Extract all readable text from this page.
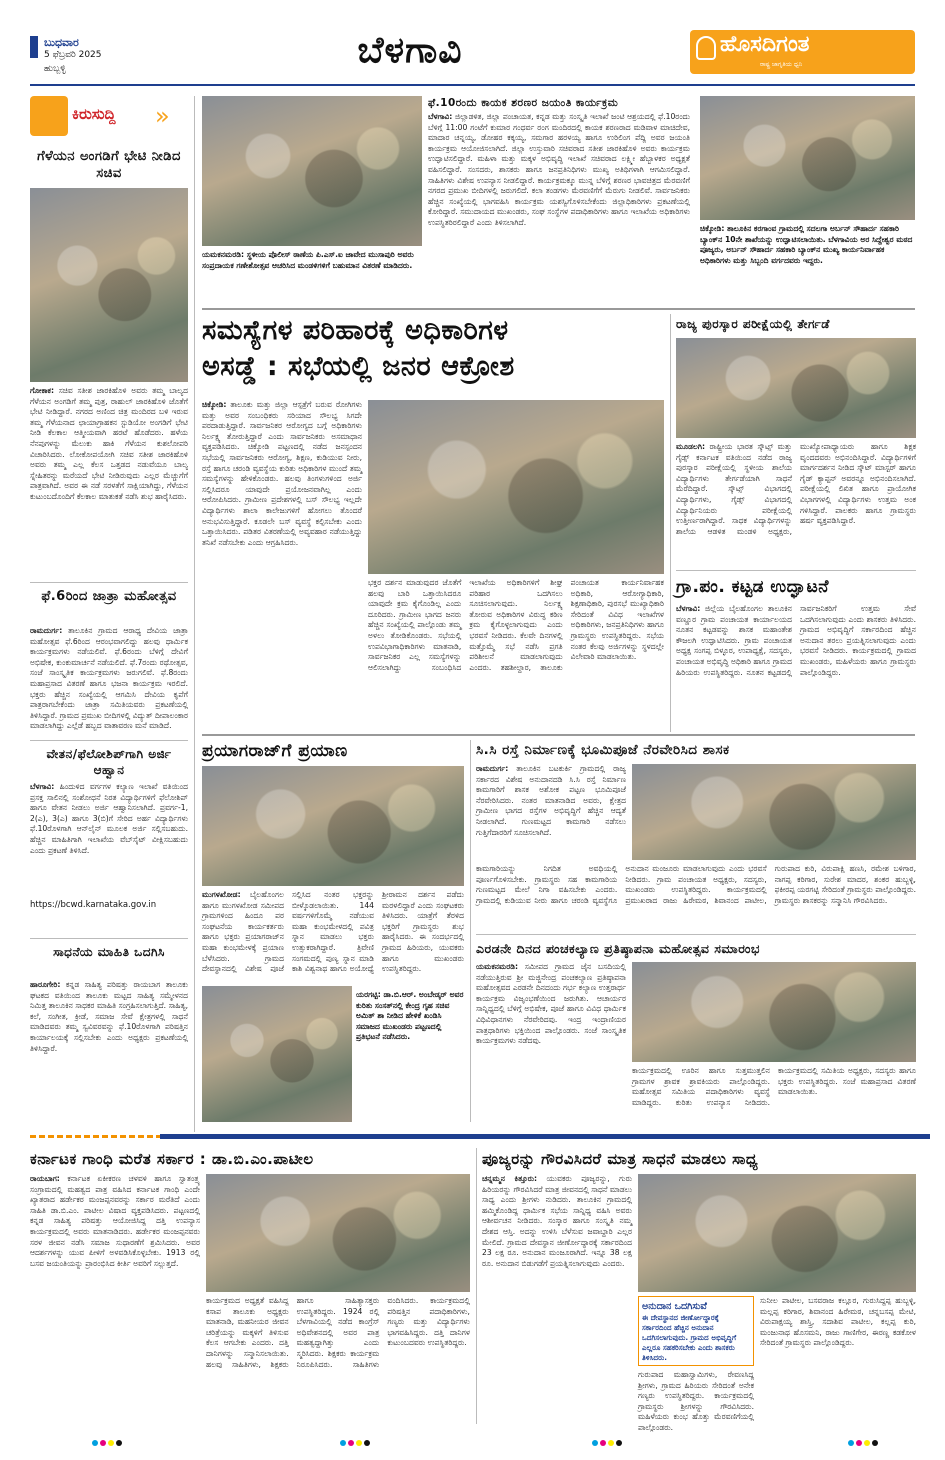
ಬುಧವಾರ
5 ಫೆಬ್ರವರಿ 2025
ಹುಬ್ಬಳ್ಳಿ	ಬೆಳಗಾವಿ	ಹೊಸದಿಗಂತ
ರಾಷ್ಟ್ರ ಜಾಗೃತಿಯ ಧ್ವನಿ
ಕಿರುಸುದ್ದಿ »
ಗೆಳೆಯನ ಅಂಗಡಿಗೆ ಭೇಟಿ ನೀಡಿದ ಸಚಿವ
ಗೋಕಾಕ: ಸಚಿವ ಸತೀಶ ಜಾರಕಿಹೊಳಿ ಅವರು ತಮ್ಮ ಬಾಲ್ಯದ ಗೆಳೆಯನ ಅಂಗಡಿಗೆ ತಮ್ಮ ಪುತ್ರ, ರಾಹುಲ್ ಜಾರಕಿಹೊಳಿ ಜೊತೆಗೆ ಭೇಟಿ ನೀಡಿದ್ದಾರೆ. ನಗರದ ಅಣಿಂದ ಚಿತ್ರ ಮಂದಿರದ ಬಳಿ ಇರುವ ತಮ್ಮ ಗೆಳೆಯನಾದ ಛಾಯಾಗ್ರಾಹಕನ ಸ್ಟುಡಿಯೋ ಅಂಗಡಿಗೆ ಭೇಟಿ ನೀಡಿ ಕೆಲಕಾಲ ಆತ್ಮೀಯವಾಗಿ ಹರಟೆ ಹೊಡೆದರು. ಹಳೆಯ ನೆನಪುಗಳನ್ನು ಮೆಲುಕು ಹಾಕಿ ಗೆಳೆಯನ ಕುಶಲೋಪರಿ ವಿಚಾರಿಸಿದರು. ಲೋಕೋಪಯೋಗಿ ಸಚಿವ ಸತೀಶ ಜಾರಕಿಹೊಳಿ ಅವರು ತಮ್ಮ ಎಲ್ಲ ಕೆಲಸ ಒತ್ತಡದ ನಡುವೆಯೂ ಬಾಲ್ಯ ಸ್ನೇಹಿತರನ್ನು ಮರೆಯದೆ ಭೇಟಿ ನೀಡಿರುವುದು ಎಲ್ಲರ ಮೆಚ್ಚುಗೆಗೆ ಪಾತ್ರವಾಗಿದೆ. ಅವರ ಈ ನಡೆ ಸರಳತೆಗೆ ಸಾಕ್ಷಿಯಾಗಿದ್ದು, ಗೆಳೆಯನ ಕುಟುಂಬದೊಂದಿಗೆ ಕೆಲಕಾಲ ಮಾತುಕತೆ ನಡೆಸಿ ಶುಭ ಹಾರೈಸಿದರು.
ಫೆ.6ರಿಂದ ಜಾತ್ರಾ ಮಹೋತ್ಸವ
ರಾಮದುರ್ಗ: ತಾಲೂಕಿನ ಗ್ರಾಮದ ಆರಾಧ್ಯ ದೇವಿಯ ಜಾತ್ರಾ ಮಹೋತ್ಸವ ಫೆ.6ರಿಂದ ಆರಂಭವಾಗಲಿದ್ದು ಹಲವು ಧಾರ್ಮಿಕ ಕಾರ್ಯಕ್ರಮಗಳು ನಡೆಯಲಿವೆ. ಫೆ.6ರಂದು ಬೆಳಿಗ್ಗೆ ದೇವಿಗೆ ಅಭಿಷೇಕ, ಕುಂಕುಮಾರ್ಚನೆ ನಡೆಯಲಿದೆ. ಫೆ.7ರಂದು ರಥೋತ್ಸವ, ಸಂಜೆ ಸಾಂಸ್ಕೃತಿಕ ಕಾರ್ಯಕ್ರಮಗಳು ಜರುಗಲಿವೆ. ಫೆ.8ರಂದು ಮಹಾಪ್ರಸಾದ ವಿತರಣೆ ಹಾಗೂ ಭಜನಾ ಕಾರ್ಯಕ್ರಮ ಇರಲಿದೆ. ಭಕ್ತರು ಹೆಚ್ಚಿನ ಸಂಖ್ಯೆಯಲ್ಲಿ ಆಗಮಿಸಿ ದೇವಿಯ ಕೃಪೆಗೆ ಪಾತ್ರರಾಗಬೇಕೆಂದು ಜಾತ್ರಾ ಸಮಿತಿಯವರು ಪ್ರಕಟಣೆಯಲ್ಲಿ ತಿಳಿಸಿದ್ದಾರೆ. ಗ್ರಾಮದ ಪ್ರಮುಖ ಬೀದಿಗಳಲ್ಲಿ ವಿದ್ಯುತ್ ದೀಪಾಲಂಕಾರ ಮಾಡಲಾಗಿದ್ದು ಎಲ್ಲೆಡೆ ಹಬ್ಬದ ವಾತಾವರಣ ಮನೆ ಮಾಡಿದೆ.
ವೇತನ/ಫೆಲೋಶಿಪ್‌ಗಾಗಿ ಅರ್ಜಿ ಆಹ್ವಾನ
ಬೆಳಗಾವಿ: ಹಿಂದುಳಿದ ವರ್ಗಗಳ ಕಲ್ಯಾಣ ಇಲಾಖೆ ವತಿಯಿಂದ ಪ್ರಸಕ್ತ ಸಾಲಿನಲ್ಲಿ ಸಂಶೋಧನೆ ನಿರತ ವಿದ್ಯಾರ್ಥಿಗಳಿಗೆ ಫೆಲೋಶಿಪ್ ಹಾಗೂ ವೇತನ ನೀಡಲು ಅರ್ಜಿ ಆಹ್ವಾನಿಸಲಾಗಿದೆ. ಪ್ರವರ್ಗ-1, 2(ಎ), 3(ಎ) ಹಾಗೂ 3(ಬಿ)ಗೆ ಸೇರಿದ ಅರ್ಹ ವಿದ್ಯಾರ್ಥಿಗಳು ಫೆ.10ರೊಳಗಾಗಿ ಆನ್‌ಲೈನ್ ಮೂಲಕ ಅರ್ಜಿ ಸಲ್ಲಿಸಬಹುದು. ಹೆಚ್ಚಿನ ಮಾಹಿತಿಗಾಗಿ ಇಲಾಖೆಯ ವೆಬ್‌ಸೈಟ್ ವೀಕ್ಷಿಸಬಹುದು ಎಂದು ಪ್ರಕಟಣೆ ತಿಳಿಸಿದೆ.
https://bcwd.karnataka.gov.in
ಸಾಧನೆಯ ಮಾಹಿತಿ ಒದಗಿಸಿ
ಹಾರೂಗೇರಿ: ಕನ್ನಡ ಸಾಹಿತ್ಯ ಪರಿಷತ್ತು ರಾಯಬಾಗ ತಾಲೂಕು ಘಟಕದ ವತಿಯಿಂದ ತಾಲೂಕು ಮಟ್ಟದ ಸಾಹಿತ್ಯ ಸಮ್ಮೇಳನದ ನಿಮಿತ್ತ ತಾಲೂಕಿನ ಸಾಧಕರ ಮಾಹಿತಿ ಸಂಗ್ರಹಿಸಲಾಗುತ್ತಿದೆ. ಸಾಹಿತ್ಯ, ಕಲೆ, ಸಂಗೀತ, ಕ್ರೀಡೆ, ಸಮಾಜ ಸೇವೆ ಕ್ಷೇತ್ರಗಳಲ್ಲಿ ಸಾಧನೆ ಮಾಡಿದವರು ತಮ್ಮ ಸ್ವವಿವರವನ್ನು ಫೆ.10ರೊಳಗಾಗಿ ಪರಿಷತ್ತಿನ ಕಾರ್ಯಾಲಯಕ್ಕೆ ಸಲ್ಲಿಸಬೇಕು ಎಂದು ಅಧ್ಯಕ್ಷರು ಪ್ರಕಟಣೆಯಲ್ಲಿ ತಿಳಿಸಿದ್ದಾರೆ.
ಯಮಕನಮರಡಿ: ಸ್ಥಳೀಯ ಪೊಲೀಸ್ ಠಾಣೆಯ ಪಿ.ಎಸ್.ಐ ಜಾವೇದ ಮುಸಾಪುರಿ ಅವರು ಸಂಪ್ರದಾಯಕ ಗಣೇಶೋತ್ಸವ ಆಚರಿಸಿದ ಮಂಡಳಿಗಳಿಗೆ ಬಹುಮಾನ ವಿತರಣೆ ಮಾಡಿದರು.
ಫೆ.10ರಂದು ಕಾಯಕ ಶರಣರ ಜಯಂತಿ ಕಾರ್ಯಕ್ರಮ
ಬೆಳಗಾವಿ: ಜಿಲ್ಲಾಡಳಿತ, ಜಿಲ್ಲಾ ಪಂಚಾಯತ, ಕನ್ನಡ ಮತ್ತು ಸಂಸ್ಕೃತಿ ಇಲಾಖೆ ಜಂಟಿ ಆಶ್ರಯದಲ್ಲಿ ಫೆ.10ರಂದು ಬೆಳಿಗ್ಗೆ 11:00 ಗಂಟೆಗೆ ಕುಮಾರ ಗಂಧರ್ವ ರಂಗ ಮಂದಿರದಲ್ಲಿ ಕಾಯಕ ಶರಣರಾದ ಮಡಿವಾಳ ಮಾಚಿದೇವ, ಮಾದಾರ ಚನ್ನಯ್ಯ, ಡೋಹರ ಕಕ್ಕಯ್ಯ, ಸಮಗಾರ ಹರಳಯ್ಯ ಹಾಗೂ ಉರಿಲಿಂಗ ಪೆದ್ದಿ ಅವರ ಜಯಂತಿ ಕಾರ್ಯಕ್ರಮ ಆಯೋಜಿಸಲಾಗಿದೆ. ಜಿಲ್ಲಾ ಉಸ್ತುವಾರಿ ಸಚಿವರಾದ ಸತೀಶ ಜಾರಕಿಹೊಳಿ ಅವರು ಕಾರ್ಯಕ್ರಮ ಉದ್ಘಾಟಿಸಲಿದ್ದಾರೆ. ಮಹಿಳಾ ಮತ್ತು ಮಕ್ಕಳ ಅಭಿವೃದ್ಧಿ ಇಲಾಖೆ ಸಚಿವರಾದ ಲಕ್ಷ್ಮೀ ಹೆಬ್ಬಾಳಕರ ಅಧ್ಯಕ್ಷತೆ ವಹಿಸಲಿದ್ದಾರೆ. ಸಂಸದರು, ಶಾಸಕರು ಹಾಗೂ ಜನಪ್ರತಿನಿಧಿಗಳು ಮುಖ್ಯ ಅತಿಥಿಗಳಾಗಿ ಆಗಮಿಸಲಿದ್ದಾರೆ. ಸಾಹಿತಿಗಳು ವಿಶೇಷ ಉಪನ್ಯಾಸ ನೀಡಲಿದ್ದಾರೆ. ಕಾರ್ಯಕ್ರಮಕ್ಕೂ ಮುನ್ನ ಬೆಳಿಗ್ಗೆ ಶರಣರ ಭಾವಚಿತ್ರದ ಮೆರವಣಿಗೆ ನಗರದ ಪ್ರಮುಖ ಬೀದಿಗಳಲ್ಲಿ ಜರುಗಲಿದೆ. ಕಲಾ ತಂಡಗಳು ಮೆರವಣಿಗೆಗೆ ಮೆರುಗು ನೀಡಲಿವೆ. ಸಾರ್ವಜನಿಕರು ಹೆಚ್ಚಿನ ಸಂಖ್ಯೆಯಲ್ಲಿ ಭಾಗವಹಿಸಿ ಕಾರ್ಯಕ್ರಮ ಯಶಸ್ವಿಗೊಳಿಸಬೇಕೆಂದು ಜಿಲ್ಲಾಧಿಕಾರಿಗಳು ಪ್ರಕಟಣೆಯಲ್ಲಿ ಕೋರಿದ್ದಾರೆ. ಸಮುದಾಯದ ಮುಖಂಡರು, ಸಂಘ ಸಂಸ್ಥೆಗಳ ಪದಾಧಿಕಾರಿಗಳು ಹಾಗೂ ಇಲಾಖೆಯ ಅಧಿಕಾರಿಗಳು ಉಪಸ್ಥಿತರಿರಲಿದ್ದಾರೆ ಎಂದು ತಿಳಿಸಲಾಗಿದೆ.
ಚಿಕ್ಕೋಡಿ: ತಾಲೂಕಿನ ಕರಗಾಂವ ಗ್ರಾಮದಲ್ಲಿ ಸದಲಗಾ ಅರ್ಬನ್ ಸೌಹಾರ್ದ ಸಹಕಾರಿ ಬ್ಯಾಂಕ್‌ನ 10ನೇ ಶಾಖೆಯನ್ನು ಉದ್ಘಾಟಿಸಲಾಯಿತು. ಬೆಳಗಾವಿಯ ಅರ ಸಿದ್ದೇಶ್ವರ ಮಠದ ಪೂಜ್ಯರು, ಅರ್ಬನ್ ಸೌಹಾರ್ದ ಸಹಕಾರಿ ಬ್ಯಾಂಕ್‌ನ ಮುಖ್ಯ ಕಾರ್ಯನಿರ್ವಾಹಕ ಅಧಿಕಾರಿಗಳು ಮತ್ತು ಸಿಬ್ಬಂದಿ ವರ್ಗದವರು ಇದ್ದರು.
ಸಮಸ್ಯೆಗಳ ಪರಿಹಾರಕ್ಕೆ ಅಧಿಕಾರಿಗಳ
ಅಸಡ್ಡೆ : ಸಭೆಯಲ್ಲಿ ಜನರ ಆಕ್ರೋಶ
ಚಿಕ್ಕೋಡಿ: ತಾಲೂಕು ಮತ್ತು ಜಿಲ್ಲಾ ಆಸ್ಪತ್ರೆಗೆ ಬರುವ ರೋಗಿಗಳು ಮತ್ತು ಅವರ ಸಂಬಂಧಿಕರು ಸರಿಯಾದ ಸೌಲಭ್ಯ ಸಿಗದೇ ಪರದಾಡುತ್ತಿದ್ದಾರೆ. ಸಾರ್ವಜನಿಕರ ಆರೋಗ್ಯದ ಬಗ್ಗೆ ಅಧಿಕಾರಿಗಳು ನಿರ್ಲಕ್ಷ್ಯ ತೋರುತ್ತಿದ್ದಾರೆ ಎಂದು ಸಾರ್ವಜನಿಕರು ಅಸಮಾಧಾನ ವ್ಯಕ್ತಪಡಿಸಿದರು. ಚಿಕ್ಕೋಡಿ ಪಟ್ಟಣದಲ್ಲಿ ನಡೆದ ಜನಸ್ಪಂದನ ಸಭೆಯಲ್ಲಿ ಸಾರ್ವಜನಿಕರು ಆರೋಗ್ಯ, ಶಿಕ್ಷಣ, ಕುಡಿಯುವ ನೀರು, ರಸ್ತೆ ಹಾಗೂ ಚರಂಡಿ ವ್ಯವಸ್ಥೆಯ ಕುರಿತು ಅಧಿಕಾರಿಗಳ ಮುಂದೆ ತಮ್ಮ ಸಮಸ್ಯೆಗಳನ್ನು ಹೇಳಿಕೊಂಡರು. ಹಲವು ತಿಂಗಳುಗಳಿಂದ ಅರ್ಜಿ ಸಲ್ಲಿಸಿದರೂ ಯಾವುದೇ ಪ್ರಯೋಜನವಾಗಿಲ್ಲ ಎಂದು ಆರೋಪಿಸಿದರು. ಗ್ರಾಮೀಣ ಪ್ರದೇಶಗಳಲ್ಲಿ ಬಸ್ ಸೌಲಭ್ಯ ಇಲ್ಲದೇ ವಿದ್ಯಾರ್ಥಿಗಳು ಶಾಲಾ ಕಾಲೇಜುಗಳಿಗೆ ಹೋಗಲು ತೊಂದರೆ ಅನುಭವಿಸುತ್ತಿದ್ದಾರೆ. ಕೂಡಲೇ ಬಸ್ ವ್ಯವಸ್ಥೆ ಕಲ್ಪಿಸಬೇಕು ಎಂದು ಒತ್ತಾಯಿಸಿದರು. ಪಡಿತರ ವಿತರಣೆಯಲ್ಲಿ ಅವ್ಯವಹಾರ ನಡೆಯುತ್ತಿದ್ದು ತನಿಖೆ ನಡೆಸಬೇಕು ಎಂದು ಆಗ್ರಹಿಸಿದರು.
ಭಕ್ತರ ದರ್ಶನ ಮಾಡುವುದರ ಜೊತೆಗೆ ಹಲವು ಬಾರಿ ಒತ್ತಾಯಿಸಿದರೂ ಯಾವುದೇ ಕ್ರಮ ಕೈಗೊಂಡಿಲ್ಲ ಎಂದು ದೂರಿದರು. ಗ್ರಾಮೀಣ ಭಾಗದ ಜನರು ಹೆಚ್ಚಿನ ಸಂಖ್ಯೆಯಲ್ಲಿ ಪಾಲ್ಗೊಂಡು ತಮ್ಮ ಅಳಲು ತೋಡಿಕೊಂಡರು. ಸಭೆಯಲ್ಲಿ ಉಪವಿಭಾಗಾಧಿಕಾರಿಗಳು ಮಾತನಾಡಿ, ಸಾರ್ವಜನಿಕರ ಎಲ್ಲ ಸಮಸ್ಯೆಗಳನ್ನು ಆಲಿಸಲಾಗಿದ್ದು ಸಂಬಂಧಿಸಿದ ಇಲಾಖೆಯ ಅಧಿಕಾರಿಗಳಿಗೆ ಶೀಘ್ರ ಪರಿಹಾರ ಒದಗಿಸಲು ಸೂಚಿಸಲಾಗುವುದು. ನಿರ್ಲಕ್ಷ್ಯ ತೋರುವ ಅಧಿಕಾರಿಗಳ ವಿರುದ್ಧ ಕಠಿಣ ಕ್ರಮ ಕೈಗೊಳ್ಳಲಾಗುವುದು ಎಂದು ಭರವಸೆ ನೀಡಿದರು. ಕೆಲವೇ ದಿನಗಳಲ್ಲಿ ಮತ್ತೊಮ್ಮೆ ಸಭೆ ನಡೆಸಿ ಪ್ರಗತಿ ಪರಿಶೀಲನೆ ಮಾಡಲಾಗುವುದು ಎಂದರು. ತಹಶೀಲ್ದಾರ, ತಾಲೂಕು ಪಂಚಾಯತ ಕಾರ್ಯನಿರ್ವಾಹಕ ಅಧಿಕಾರಿ, ಆರೋಗ್ಯಾಧಿಕಾರಿ, ಶಿಕ್ಷಣಾಧಿಕಾರಿ, ಪುರಸಭೆ ಮುಖ್ಯಾಧಿಕಾರಿ ಸೇರಿದಂತೆ ವಿವಿಧ ಇಲಾಖೆಗಳ ಅಧಿಕಾರಿಗಳು, ಜನಪ್ರತಿನಿಧಿಗಳು ಹಾಗೂ ಗ್ರಾಮಸ್ಥರು ಉಪಸ್ಥಿತರಿದ್ದರು. ಸಭೆಯ ನಂತರ ಕೆಲವು ಅರ್ಜಿಗಳನ್ನು ಸ್ಥಳದಲ್ಲೇ ವಿಲೇವಾರಿ ಮಾಡಲಾಯಿತು.
ರಾಜ್ಯ ಪುರಸ್ಕಾರ ಪರೀಕ್ಷೆಯಲ್ಲಿ ತೇರ್ಗಡೆ
ಮೂಡಲಗಿ: ರಾಷ್ಟ್ರೀಯ ಭಾರತ ಸ್ಕೌಟ್ಸ್ ಮತ್ತು ಗೈಡ್ಸ್ ಕರ್ನಾಟಕ ವತಿಯಿಂದ ನಡೆದ ರಾಜ್ಯ ಪುರಸ್ಕಾರ ಪರೀಕ್ಷೆಯಲ್ಲಿ ಸ್ಥಳೀಯ ಶಾಲೆಯ ವಿದ್ಯಾರ್ಥಿಗಳು ತೇರ್ಗಡೆಯಾಗಿ ಸಾಧನೆ ಮೆರೆದಿದ್ದಾರೆ. ಸ್ಕೌಟ್ಸ್ ವಿಭಾಗದಲ್ಲಿ ವಿದ್ಯಾರ್ಥಿಗಳು, ಗೈಡ್ಸ್ ವಿಭಾಗದಲ್ಲಿ ವಿದ್ಯಾರ್ಥಿನಿಯರು ಪರೀಕ್ಷೆಯಲ್ಲಿ ಉತ್ತೀರ್ಣರಾಗಿದ್ದಾರೆ. ಸಾಧಕ ವಿದ್ಯಾರ್ಥಿಗಳನ್ನು ಶಾಲೆಯ ಆಡಳಿತ ಮಂಡಳಿ ಅಧ್ಯಕ್ಷರು, ಮುಖ್ಯೋಪಾಧ್ಯಾಯರು ಹಾಗೂ ಶಿಕ್ಷಕ ವೃಂದದವರು ಅಭಿನಂದಿಸಿದ್ದಾರೆ. ವಿದ್ಯಾರ್ಥಿಗಳಿಗೆ ಮಾರ್ಗದರ್ಶನ ನೀಡಿದ ಸ್ಕೌಟ್ ಮಾಸ್ಟರ್ ಹಾಗೂ ಗೈಡ್ ಕ್ಯಾಪ್ಟನ್ ಅವರನ್ನೂ ಅಭಿನಂದಿಸಲಾಗಿದೆ. ಪರೀಕ್ಷೆಯಲ್ಲಿ ಲಿಖಿತ ಹಾಗೂ ಪ್ರಾಯೋಗಿಕ ವಿಭಾಗಗಳಲ್ಲಿ ವಿದ್ಯಾರ್ಥಿಗಳು ಉತ್ತಮ ಅಂಕ ಗಳಿಸಿದ್ದಾರೆ. ಪಾಲಕರು ಹಾಗೂ ಗ್ರಾಮಸ್ಥರು ಹರ್ಷ ವ್ಯಕ್ತಪಡಿಸಿದ್ದಾರೆ.
ಗ್ರಾ.ಪಂ. ಕಟ್ಟಡ ಉದ್ಘಾಟನೆ
ಬೆಳಗಾವಿ: ಜಿಲ್ಲೆಯ ಬೈಲಹೊಂಗಲ ತಾಲೂಕಿನ ವಣ್ಣೂರ ಗ್ರಾಮ ಪಂಚಾಯತ ಕಾರ್ಯಾಲಯದ ನೂತನ ಕಟ್ಟಡವನ್ನು ಶಾಸಕ ಮಹಾಂತೇಶ ಕೌಜಲಗಿ ಉದ್ಘಾಟಿಸಿದರು. ಗ್ರಾಮ ಪಂಚಾಯತ ಅಧ್ಯಕ್ಷ ಸಂಗಪ್ಪ ಬಿಳ್ಳೂರ, ಉಪಾಧ್ಯಕ್ಷೆ, ಸದಸ್ಯರು, ಪಂಚಾಯತ ಅಭಿವೃದ್ಧಿ ಅಧಿಕಾರಿ ಹಾಗೂ ಗ್ರಾಮದ ಹಿರಿಯರು ಉಪಸ್ಥಿತರಿದ್ದರು. ನೂತನ ಕಟ್ಟಡದಲ್ಲಿ ಸಾರ್ವಜನಿಕರಿಗೆ ಉತ್ತಮ ಸೇವೆ ಒದಗಿಸಲಾಗುವುದು ಎಂದು ಶಾಸಕರು ತಿಳಿಸಿದರು. ಗ್ರಾಮದ ಅಭಿವೃದ್ಧಿಗೆ ಸರ್ಕಾರದಿಂದ ಹೆಚ್ಚಿನ ಅನುದಾನ ತರಲು ಪ್ರಯತ್ನಿಸಲಾಗುವುದು ಎಂದು ಭರವಸೆ ನೀಡಿದರು. ಕಾರ್ಯಕ್ರಮದಲ್ಲಿ ಗ್ರಾಮದ ಮುಖಂಡರು, ಮಹಿಳೆಯರು ಹಾಗೂ ಗ್ರಾಮಸ್ಥರು ಪಾಲ್ಗೊಂಡಿದ್ದರು.
ಪ್ರಯಾಗರಾಜ್‌ಗೆ ಪ್ರಯಾಣ
ಮುಗಳಖೋಡ: ಬೈಲಹೊಂಗಲ ಹಾಗೂ ಮುಗಳಖೋಡ ಸಮೀಪದ ಗ್ರಾಮಗಳಿಂದ ಹಿಂದೂ ಪರ ಸಂಘಟನೆಯ ಕಾರ್ಯಕರ್ತರು ಹಾಗೂ ಭಕ್ತರು ಪ್ರಯಾಗರಾಜ್‌ನ ಮಹಾ ಕುಂಭಮೇಳಕ್ಕೆ ಪ್ರಯಾಣ ಬೆಳೆಸಿದರು. ಗ್ರಾಮದ ದೇವಸ್ಥಾನದಲ್ಲಿ ವಿಶೇಷ ಪೂಜೆ ಸಲ್ಲಿಸಿದ ನಂತರ ಭಕ್ತರನ್ನು ಬೀಳ್ಕೊಡಲಾಯಿತು. 144 ವರ್ಷಗಳಿಗೊಮ್ಮೆ ನಡೆಯುವ ಮಹಾ ಕುಂಭಮೇಳದಲ್ಲಿ ಪವಿತ್ರ ಸ್ನಾನ ಮಾಡಲು ಭಕ್ತರು ಉತ್ಸುಕರಾಗಿದ್ದಾರೆ. ತ್ರಿವೇಣಿ ಸಂಗಮದಲ್ಲಿ ಪುಣ್ಯ ಸ್ನಾನ ಮಾಡಿ ಕಾಶಿ ವಿಶ್ವನಾಥ ಹಾಗೂ ಅಯೋಧ್ಯೆ ಶ್ರೀರಾಮನ ದರ್ಶನ ಪಡೆದು ಮರಳಲಿದ್ದಾರೆ ಎಂದು ಸಂಘಟಕರು ತಿಳಿಸಿದರು. ಯಾತ್ರೆಗೆ ತೆರಳಿದ ಭಕ್ತರಿಗೆ ಗ್ರಾಮಸ್ಥರು ಶುಭ ಹಾರೈಸಿದರು. ಈ ಸಂದರ್ಭದಲ್ಲಿ ಗ್ರಾಮದ ಹಿರಿಯರು, ಯುವಕರು ಹಾಗೂ ಮುಖಂಡರು ಉಪಸ್ಥಿತರಿದ್ದರು.
ಯರಗಟ್ಟಿ: ಡಾ.ಬಿ.ಆರ್. ಅಂಬೇಡ್ಕರ್ ಅವರ ಕುರಿತು ಸಂಸತ್‌ನಲ್ಲಿ ಕೇಂದ್ರ ಗೃಹ ಸಚಿವ ಅಮಿತ್ ಶಾ ನೀಡಿದ ಹೇಳಿಕೆ ಖಂಡಿಸಿ ಸಮಾಜದ ಮುಖಂಡರು ಪಟ್ಟಣದಲ್ಲಿ ಪ್ರತಿಭಟನೆ ನಡೆಸಿದರು.
ಸಿ.ಸಿ ರಸ್ತೆ ನಿರ್ಮಾಣಕ್ಕೆ ಭೂಮಿಪೂಜೆ ನೆರವೇರಿಸಿದ ಶಾಸಕ
ರಾಮದುರ್ಗ: ತಾಲೂಕಿನ ಬಟಕುರ್ಕಿ ಗ್ರಾಮದಲ್ಲಿ ರಾಜ್ಯ ಸರ್ಕಾರದ ವಿಶೇಷ ಅನುದಾನದಡಿ ಸಿ.ಸಿ ರಸ್ತೆ ನಿರ್ಮಾಣ ಕಾಮಗಾರಿಗೆ ಶಾಸಕ ಅಶೋಕ ಪಟ್ಟಣ ಭೂಮಿಪೂಜೆ ನೆರವೇರಿಸಿದರು. ನಂತರ ಮಾತನಾಡಿದ ಅವರು, ಕ್ಷೇತ್ರದ ಗ್ರಾಮೀಣ ಭಾಗದ ರಸ್ತೆಗಳ ಅಭಿವೃದ್ಧಿಗೆ ಹೆಚ್ಚಿನ ಆದ್ಯತೆ ನೀಡಲಾಗಿದೆ. ಗುಣಮಟ್ಟದ ಕಾಮಗಾರಿ ನಡೆಸಲು ಗುತ್ತಿಗೆದಾರರಿಗೆ ಸೂಚಿಸಲಾಗಿದೆ.
ಕಾಮಗಾರಿಯನ್ನು ನಿಗದಿತ ಅವಧಿಯಲ್ಲಿ ಪೂರ್ಣಗೊಳಿಸಬೇಕು. ಗ್ರಾಮಸ್ಥರು ಸಹ ಕಾಮಗಾರಿಯ ಗುಣಮಟ್ಟದ ಮೇಲೆ ನಿಗಾ ವಹಿಸಬೇಕು ಎಂದರು. ಗ್ರಾಮದಲ್ಲಿ ಕುಡಿಯುವ ನೀರು ಹಾಗೂ ಚರಂಡಿ ವ್ಯವಸ್ಥೆಗೂ ಅನುದಾನ ಮಂಜೂರು ಮಾಡಲಾಗುವುದು ಎಂದು ಭರವಸೆ ನೀಡಿದರು. ಗ್ರಾಮ ಪಂಚಾಯತ ಅಧ್ಯಕ್ಷರು, ಸದಸ್ಯರು, ಮುಖಂಡರು ಉಪಸ್ಥಿತರಿದ್ದರು. ಕಾರ್ಯಕ್ರಮದಲ್ಲಿ ಪ್ರಮುಖರಾದ ರಾಜು ಹಿರೇಮಠ, ಶಿವಾನಂದ ಪಾಟೀಲ, ಗುರುಪಾದ ಕುರಿ, ವಿರುಪಾಕ್ಷಿ ಹಣಸಿ, ರಮೇಶ ಬಳಿಗಾರ, ನಾಗಪ್ಪ ಕರಿಗಾರ, ಸುರೇಶ ಮಾದರ, ಶಂಕರ ಹುಬ್ಬಳ್ಳಿ, ಫಕೀರಪ್ಪ ಯರಗಟ್ಟಿ ಸೇರಿದಂತೆ ಗ್ರಾಮಸ್ಥರು ಪಾಲ್ಗೊಂಡಿದ್ದರು. ಗ್ರಾಮಸ್ಥರು ಶಾಸಕರನ್ನು ಸನ್ಮಾನಿಸಿ ಗೌರವಿಸಿದರು.
ಎರಡನೇ ದಿನದ ಪಂಚಕಲ್ಯಾಣ ಪ್ರತಿಷ್ಠಾಪನಾ ಮಹೋತ್ಸವ ಸಮಾರಂಭ
ಯಮಕನಮರಡಿ: ಸಮೀಪದ ಗ್ರಾಮದ ಜೈನ ಬಸದಿಯಲ್ಲಿ ನಡೆಯುತ್ತಿರುವ ಶ್ರೀ ಮಜ್ಜಿನೇಂದ್ರ ಪಂಚಕಲ್ಯಾಣ ಪ್ರತಿಷ್ಠಾಪನಾ ಮಹೋತ್ಸವದ ಎರಡನೇ ದಿನದಂದು ಗರ್ಭ ಕಲ್ಯಾಣ ಉತ್ತರಾರ್ಧ ಕಾರ್ಯಕ್ರಮ ವಿಜೃಂಭಣೆಯಿಂದ ಜರುಗಿತು. ಆಚಾರ್ಯರ ಸಾನ್ನಿಧ್ಯದಲ್ಲಿ ಬೆಳಿಗ್ಗೆ ಅಭಿಷೇಕ, ಪೂಜೆ ಹಾಗೂ ವಿವಿಧ ಧಾರ್ಮಿಕ ವಿಧಿವಿಧಾನಗಳು ನೆರವೇರಿದವು. ಇಂದ್ರ ಇಂದ್ರಾಣಿಯರ ಪಾತ್ರಧಾರಿಗಳು ಭಕ್ತಿಯಿಂದ ಪಾಲ್ಗೊಂಡರು. ಸಂಜೆ ಸಾಂಸ್ಕೃತಿಕ ಕಾರ್ಯಕ್ರಮಗಳು ನಡೆದವು.
ಕಾರ್ಯಕ್ರಮದಲ್ಲಿ ಊರಿನ ಹಾಗೂ ಸುತ್ತಮುತ್ತಲಿನ ಗ್ರಾಮಗಳ ಶ್ರಾವಕ ಶ್ರಾವಕಿಯರು ಪಾಲ್ಗೊಂಡಿದ್ದರು. ಮಹೋತ್ಸವ ಸಮಿತಿಯ ಪದಾಧಿಕಾರಿಗಳು ವ್ಯವಸ್ಥೆ ಮಾಡಿದ್ದರು. ಕುರಿತು ಉಪನ್ಯಾಸ ನೀಡಿದರು. ಕಾರ್ಯಕ್ರಮದಲ್ಲಿ ಸಮಿತಿಯ ಅಧ್ಯಕ್ಷರು, ಸದಸ್ಯರು ಹಾಗೂ ಭಕ್ತರು ಉಪಸ್ಥಿತರಿದ್ದರು. ಸಂಜೆ ಮಹಾಪ್ರಸಾದ ವಿತರಣೆ ಮಾಡಲಾಯಿತು.
ಕರ್ನಾಟಕ ಗಾಂಧಿ ಮರೆತ ಸರ್ಕಾರ : ಡಾ.ಬಿ.ಎಂ.ಪಾಟೀಲ
ರಾಯಬಾಗ: ಕರ್ನಾಟಕ ಏಕೀಕರಣ ಚಳವಳಿ ಹಾಗೂ ಸ್ವಾತಂತ್ರ್ಯ ಸಂಗ್ರಾಮದಲ್ಲಿ ಮಹತ್ವದ ಪಾತ್ರ ವಹಿಸಿದ ಕರ್ನಾಟಕ ಗಾಂಧಿ ಎಂದೇ ಖ್ಯಾತರಾದ ಹರ್ಡೇಕರ ಮಂಜಪ್ಪನವರನ್ನು ಸರ್ಕಾರ ಮರೆತಿದೆ ಎಂದು ಸಾಹಿತಿ ಡಾ.ಬಿ.ಎಂ. ಪಾಟೀಲ ವಿಷಾದ ವ್ಯಕ್ತಪಡಿಸಿದರು. ಪಟ್ಟಣದಲ್ಲಿ ಕನ್ನಡ ಸಾಹಿತ್ಯ ಪರಿಷತ್ತು ಆಯೋಜಿಸಿದ್ದ ದತ್ತಿ ಉಪನ್ಯಾಸ ಕಾರ್ಯಕ್ರಮದಲ್ಲಿ ಅವರು ಮಾತನಾಡಿದರು. ಹರ್ಡೇಕರ ಮಂಜಪ್ಪನವರು ಸರಳ ಜೀವನ ನಡೆಸಿ ಸಮಾಜ ಸುಧಾರಣೆಗೆ ಶ್ರಮಿಸಿದರು. ಅವರ ಆದರ್ಶಗಳನ್ನು ಯುವ ಪೀಳಿಗೆ ಅಳವಡಿಸಿಕೊಳ್ಳಬೇಕು. 1913 ರಲ್ಲಿ ಬಸವ ಜಯಂತಿಯನ್ನು ಪ್ರಾರಂಭಿಸಿದ ಕೀರ್ತಿ ಅವರಿಗೆ ಸಲ್ಲುತ್ತದೆ.
ಕಾರ್ಯಕ್ರಮದ ಅಧ್ಯಕ್ಷತೆ ವಹಿಸಿದ್ದ ಕಸಾಪ ತಾಲೂಕು ಅಧ್ಯಕ್ಷರು ಮಾತನಾಡಿ, ಮಹನೀಯರ ಜೀವನ ಚರಿತ್ರೆಯನ್ನು ಮಕ್ಕಳಿಗೆ ತಿಳಿಸುವ ಕೆಲಸ ಆಗಬೇಕು ಎಂದರು. ದತ್ತಿ ದಾನಿಗಳನ್ನು ಸನ್ಮಾನಿಸಲಾಯಿತು. ಹಲವು ಸಾಹಿತಿಗಳು, ಶಿಕ್ಷಕರು ಹಾಗೂ ಸಾಹಿತ್ಯಾಸಕ್ತರು ಉಪಸ್ಥಿತರಿದ್ದರು. 1924 ರಲ್ಲಿ ಬೆಳಗಾವಿಯಲ್ಲಿ ನಡೆದ ಕಾಂಗ್ರೆಸ್ ಅಧಿವೇಶನದಲ್ಲಿ ಅವರ ಪಾತ್ರ ಮಹತ್ವದ್ದಾಗಿತ್ತು ಎಂದು ಸ್ಮರಿಸಿದರು. ಶಿಕ್ಷಕರು ಕಾರ್ಯಕ್ರಮ ನಿರೂಪಿಸಿದರು. ಸಾಹಿತಿಗಳು ವಂದಿಸಿದರು. ಕಾರ್ಯಕ್ರಮದಲ್ಲಿ ಪರಿಷತ್ತಿನ ಪದಾಧಿಕಾರಿಗಳು, ಗಣ್ಯರು ಮತ್ತು ವಿದ್ಯಾರ್ಥಿಗಳು ಭಾಗವಹಿಸಿದ್ದರು. ದತ್ತಿ ದಾನಿಗಳ ಕುಟುಂಬದವರು ಉಪಸ್ಥಿತರಿದ್ದರು.
ಪೂಜ್ಯರನ್ನು ಗೌರವಿಸಿದರೆ ಮಾತ್ರ ಸಾಧನೆ ಮಾಡಲು ಸಾಧ್ಯ
ಚನ್ನಮ್ಮನ ಕಿತ್ತೂರು: ಯುವಕರು ಪೂಜ್ಯರನ್ನು, ಗುರು ಹಿರಿಯರನ್ನು ಗೌರವಿಸಿದರೆ ಮಾತ್ರ ಜೀವನದಲ್ಲಿ ಸಾಧನೆ ಮಾಡಲು ಸಾಧ್ಯ ಎಂದು ಶ್ರೀಗಳು ನುಡಿದರು. ತಾಲೂಕಿನ ಗ್ರಾಮದಲ್ಲಿ ಹಮ್ಮಿಕೊಂಡಿದ್ದ ಧಾರ್ಮಿಕ ಸಭೆಯ ಸಾನ್ನಿಧ್ಯ ವಹಿಸಿ ಅವರು ಆಶೀರ್ವಚನ ನೀಡಿದರು. ಸಂಸ್ಕಾರ ಹಾಗೂ ಸಂಸ್ಕೃತಿ ನಮ್ಮ ದೇಶದ ಆಸ್ತಿ. ಅದನ್ನು ಉಳಿಸಿ ಬೆಳೆಸುವ ಜವಾಬ್ದಾರಿ ಎಲ್ಲರ ಮೇಲಿದೆ. ಗ್ರಾಮದ ದೇವಸ್ಥಾನ ಜೀರ್ಣೋದ್ಧಾರಕ್ಕೆ ಸರ್ಕಾರದಿಂದ 23 ಲಕ್ಷ ರೂ. ಅನುದಾನ ಮಂಜೂರಾಗಿದೆ. ಇನ್ನೂ 38 ಲಕ್ಷ ರೂ. ಅನುದಾನ ಬಿಡುಗಡೆಗೆ ಪ್ರಯತ್ನಿಸಲಾಗುವುದು ಎಂದರು.
ಅನುದಾನ ಒದಗಿಸುವೆ
ಈ ದೇವಸ್ಥಾನದ ಜೀರ್ಣೋದ್ಧಾರಕ್ಕೆ ಸರ್ಕಾರದಿಂದ ಹೆಚ್ಚಿನ ಅನುದಾನ ಒದಗಿಸಲಾಗುವುದು. ಗ್ರಾಮದ ಅಭಿವೃದ್ಧಿಗೆ ಎಲ್ಲರೂ ಸಹಕರಿಸಬೇಕು ಎಂದು ಶಾಸಕರು ತಿಳಿಸಿದರು.
ಗುರುಪಾದ ಮಹಾಸ್ವಾಮಿಗಳು, ರೇವಣಸಿದ್ದ ಶ್ರೀಗಳು, ಗ್ರಾಮದ ಹಿರಿಯರು ಸೇರಿದಂತೆ ಅನೇಕ ಗಣ್ಯರು ಉಪಸ್ಥಿತರಿದ್ದರು. ಕಾರ್ಯಕ್ರಮದಲ್ಲಿ ಗ್ರಾಮಸ್ಥರು ಶ್ರೀಗಳನ್ನು ಗೌರವಿಸಿದರು. ಮಹಿಳೆಯರು ಕುಂಭ ಹೊತ್ತು ಮೆರವಣಿಗೆಯಲ್ಲಿ ಪಾಲ್ಗೊಂಡರು.
ಸುನೀಲ ಪಾಟೀಲ, ಬಸವರಾಜ ಕಲ್ಲೂರ, ಗುರುಸಿದ್ದಪ್ಪ ಹುಬ್ಬಳ್ಳಿ, ಮಲ್ಲಪ್ಪ ಕರಿಗಾರ, ಶಿವಾನಂದ ಹಿರೇಮಠ, ಚನ್ನಬಸಪ್ಪ ಮೇಟಿ, ವಿರುಪಾಕ್ಷಯ್ಯ ಶಾಸ್ತ್ರಿ, ಸದಾಶಿವ ಪಾಟೀಲ, ಕಲ್ಲಪ್ಪ ಕುರಿ, ಮಂಜುನಾಥ ಹೊಸಮನಿ, ರಾಜು ಗಾಣಿಗೇರ, ಈರಣ್ಣ ಕಡಕೋಳ ಸೇರಿದಂತೆ ಗ್ರಾಮಸ್ಥರು ಪಾಲ್ಗೊಂಡಿದ್ದರು.
